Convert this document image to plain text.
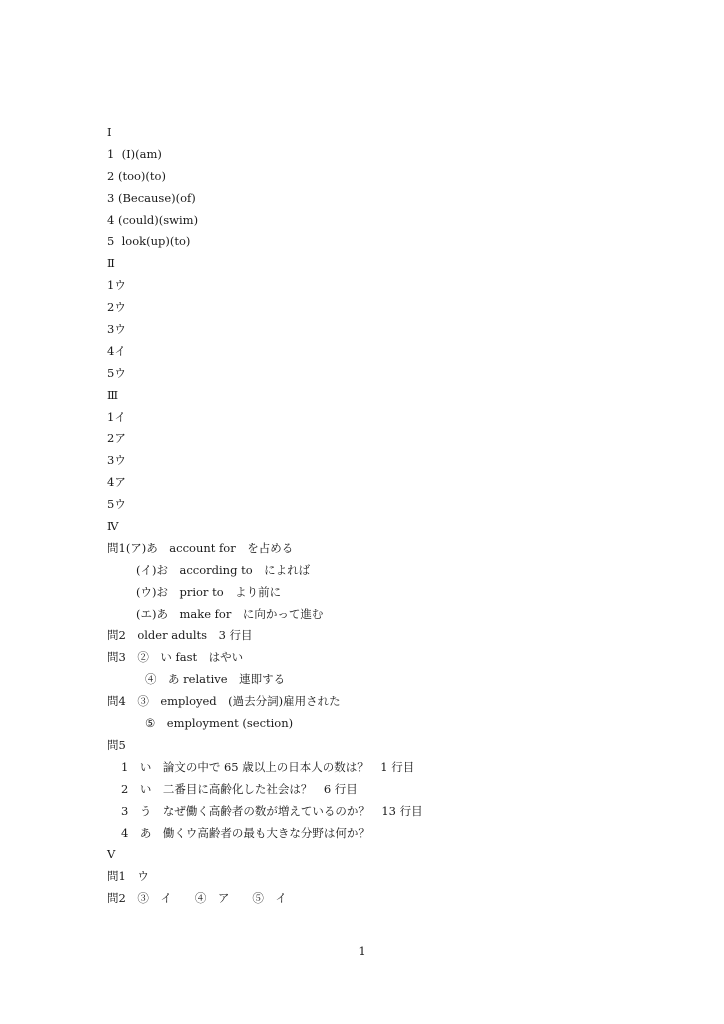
Ⅰ
1  (I)(am)
2 (too)(to)
3 (Because)(of)
4 (could)(swim)
5  look(up)(to)
Ⅱ
1ウ
2ウ
3ウ
4イ
5ウ
Ⅲ
1イ
2ア
3ウ
4ア
5ウ
Ⅳ
問1(ア)あ　account for　を占める
(イ)お　according to　によれば
(ウ)お　prior to　より前に
(エ)あ　make for　に向かって進む
問2　older adults　3 行目
問3　②　い fast　はやい
④　あ relative　連即する
問4　③　employed　(過去分詞)雇用された
⑤　employment (section)
問5
1　い　論文の中で 65 歳以上の日本人の数は？　1 行目
2　い　二番目に高齢化した社会は？　6 行目
3　う　なぜ働く高齢者の数が増えているのか？　13 行目
4　あ　働くウ高齢者の最も大きな分野は何か？
Ⅴ
問1　ウ
問2　③　イ　　④　ア　　⑤　イ
1
